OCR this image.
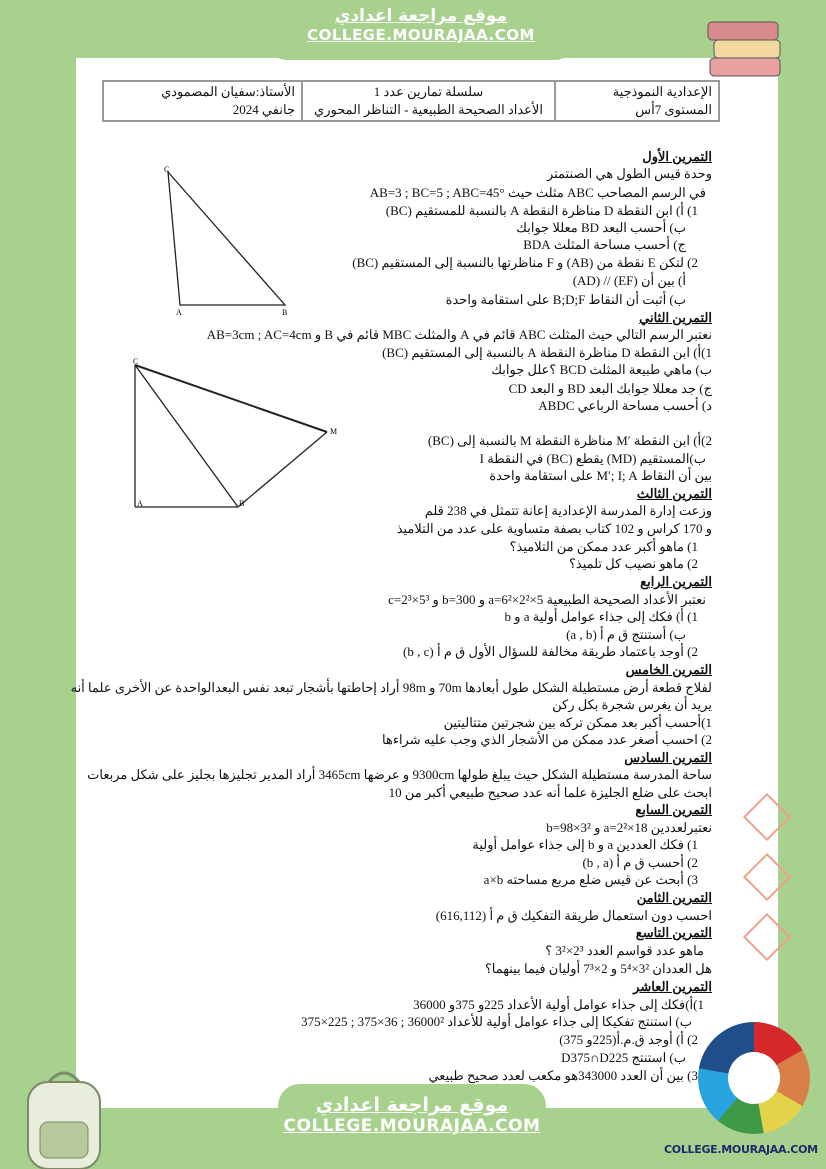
موقع مراجعة اعدادي
COLLEGE.MOURAJAA.COM
الإعدادية النموذجية
المستوى 7أس

سلسلة تمارين عدد 1
الأعداد الصحيحة الطبيعية - التناظر المحوري

الأستاذ:سفيان المصمودي
جانفي 2024
C
A	B
C
A	B
M
التمرين الأول
وحدة قيس الطول هي الصنتمتر
في الرسم المصاحب ABC مثلث حيث AB=3 ; BC=5 ; ABC=45°
1) أ) ابن النقطة D مناظرة النقطة A بالنسبة للمستقيم (BC)
ب) أحسب البعد BD معللا جوابك
ج) أحسب مساحة المثلث BDA
2) لتكن E نقطة من (AB) و F مناظرتها بالنسبة إلى المستقيم (BC)
أ) بين أن (EF) // (AD)
ب) أثبت أن النقاط B;D;F على استقامة واحدة
التمرين الثاني
نعتبر الرسم التالي حيث المثلث ABC قائم في A والمثلث MBC قائم في B و AB=3cm ; AC=4cm
1)أ) ابن النقطة D مناظرة النقطة A بالنسبة إلى المستقيم (BC)
ب) ماهي طبيعة المثلث BCD ؟علل جوابك
ج) جد معللا جوابك البعد BD و البعد CD
د) أحسب مساحة الرباعي ABDC
2)أ) ابن النقطة ′M مناظرة النقطة M بالنسبة إلى (BC)
ب)المستقيم (MD) يقطع (BC) في النقطة I
بين أن النقاط M′; I; A على استقامة واحدة
التمرين الثالث
وزعت إدارة المدرسة الإعدادية إعانة تتمثل في 238 قلم
و 170 كراس و 102 كتاب بصفة متساوية على عدد من التلاميذ
1) ماهو أكبر عدد ممكن من التلاميذ؟
2) ماهو نصيب كل تلميذ؟
التمرين الرابع
نعتبر الأعداد الصحيحة الطبيعية a=6²×2²×5 و b=300 و c=2³×5³
1) أ) فكك إلى جذاء عوامل أولية a و b
ب) أستنتج ق م أ (a , b)
2) أوجد باعتماد طريقة مخالفة للسؤال الأول ق م أ (b , c)
التمرين الخامس
لفلاح قطعة أرض مستطيلة الشكل طول أبعادها 70m و 98m أراد إحاطتها بأشجار تبعد نفس البعدالواحدة عن الأخرى علما أنه
يريد أن يغرس شجرة بكل ركن
1)أحسب أكبر بعد ممكن تركه بين شجرتين متتاليتين
2) احسب أصغر عدد ممكن من الأشجار الذي وجب عليه شراءها
التمرين السادس
ساحة المدرسة مستطيلة الشكل حيث يبلغ طولها 9300cm و عرضها 3465cm أراد المدير تجليزها بجليز على شكل مربعات
ابحث على ضلع الجليزة علما أنه عدد صحيح طبيعي أكبر من 10
التمرين السابع
نعتبرلعددين a=2²×18 و b=98×3²
1) فكك العددين a و b إلى جذاء عوامل أولية
2) أحسب ق م أ (b , a)
3) أبحث عن قيس ضلع مربع مساحته a×b
التمرين الثامن
احسب دون استعمال طريقة التفكيك ق م أ (616,112)
التمرين التاسع
ماهو عدد قواسم العدد 2³×3² ؟
هل العددان 3²×5⁴ و 2×7³ أوليان فيما بينهما؟
التمرين العاشر
1)أ)فكك إلى جذاء عوامل أولية الأعداد 225و 375و 36000
ب) استنتج تفكيكا إلى جذاء عوامل أولية للأعداد 36000² ; 36×375 ; 225×375
2) أ) أوجد ق.م.أ(225و 375)
ب) استنتج D375∩D225
3) بين أن العدد 343000هو مكعب لعدد صحيح طبيعي
COLLEGE.MOURAJAA.COM
موقع مراجعة اعدادي
COLLEGE.MOURAJAA.COM
